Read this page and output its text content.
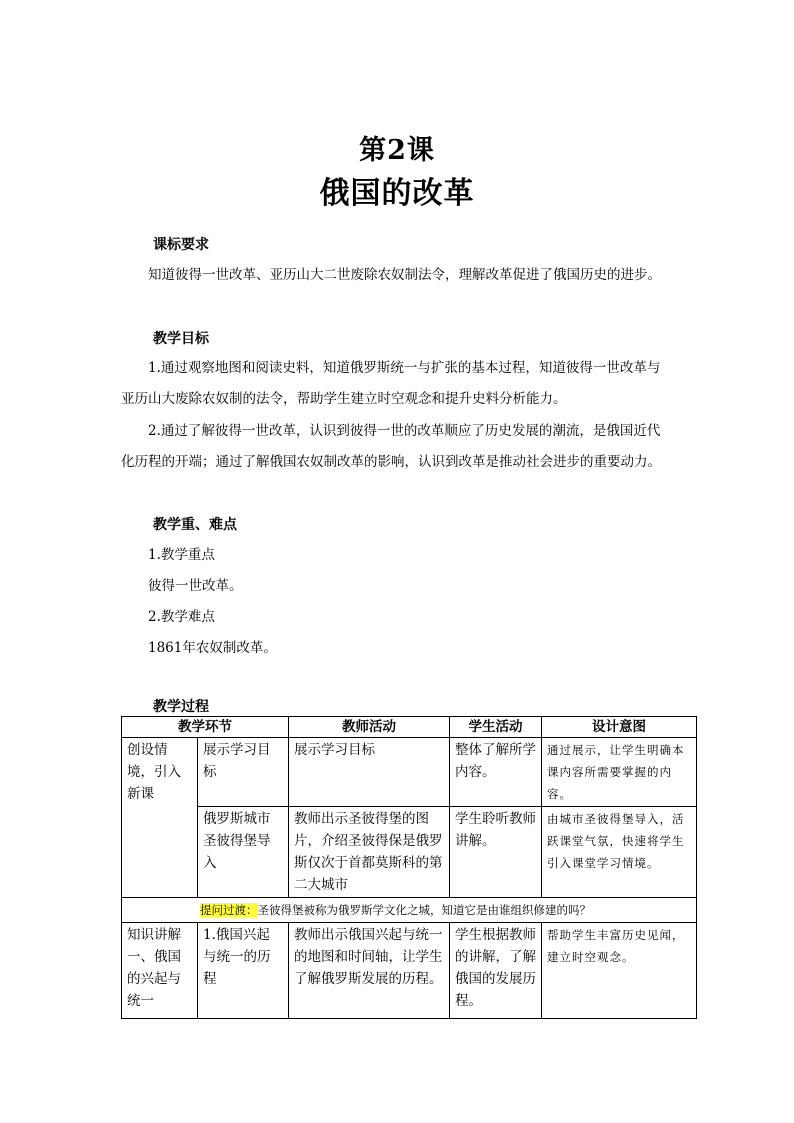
第2课
俄国的改革
课标要求
知道彼得一世改革、亚历山大二世废除农奴制法令，理解改革促进了俄国历史的进步。
教学目标
1.通过观察地图和阅读史料，知道俄罗斯统一与扩张的基本过程，知道彼得一世改革与
亚历山大废除农奴制的法令，帮助学生建立时空观念和提升史料分析能力。
2.通过了解彼得一世改革，认识到彼得一世的改革顺应了历史发展的潮流，是俄国近代
化历程的开端；通过了解俄国农奴制改革的影响，认识到改革是推动社会进步的重要动力。
教学重、难点
1.教学重点
彼得一世改革。
2.教学难点
1861年农奴制改革。
教学过程
教学环节		教师活动	学生活动	设计意图
创设情境，引入新课	展示学习目标	展示学习目标	整体了解所学内容。	通过展示，让学生明确本课内容所需要掌握的内容。
	俄罗斯城市圣彼得堡导入	教师出示圣彼得堡的图片，介绍圣彼得保是俄罗斯仅次于首都莫斯科的第二大城市	学生聆听教师讲解。	由城市圣彼得堡导入，活跃课堂气氛，快速将学生引入课堂学习情境。
提问过渡：圣彼得堡被称为俄罗斯学文化之城，知道它是由谁组织修建的吗？				
知识讲解一、俄国的兴起与统一	1.俄国兴起与统一的历程	教师出示俄国兴起与统一的地图和时间轴，让学生了解俄罗斯发展的历程。	学生根据教师的讲解，了解俄国的发展历程。	帮助学生丰富历史见闻，建立时空观念。
